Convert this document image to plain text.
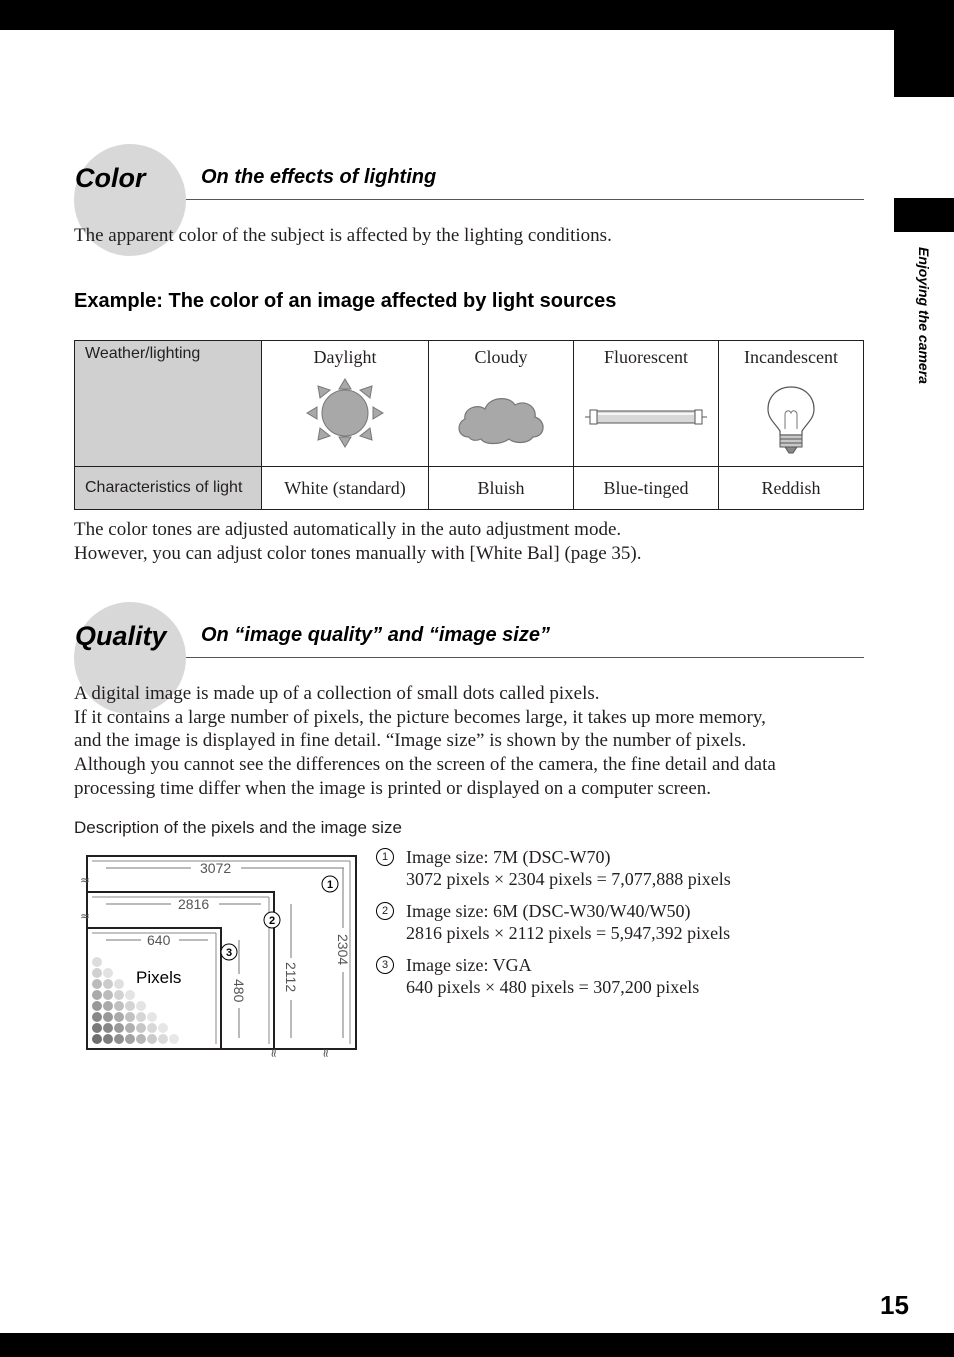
Enjoying the camera
Color	On the effects of lighting
The apparent color of the subject is affected by the lighting conditions.
Example: The color of an image affected by light sources
Weather/lighting	Daylight	Cloudy	Fluorescent	Incandescent

Characteristics of light	White (standard)	Bluish	Blue-tinged	Reddish
The color tones are adjusted automatically in the auto adjustment mode.
However, you can adjust color tones manually with [White Bal] (page 35).
Quality On “image quality” and “image size”
A digital image is made up of a collection of small dots called pixels.
If it contains a large number of pixels, the picture becomes large, it takes up more memory,
and the image is displayed in fine detail. “Image size” is shown by the number of pixels.
Although you cannot see the differences on the screen of the camera, the fine detail and data
processing time differ when the image is printed or displayed on a computer screen.
Description of the pixels and the image size
≈
≈
≈	≈
3072
2816
640	2304
2112
480
1
2
3
Pixels
1 Image size: 7M (DSC-W70)
3072 pixels × 2304 pixels = 7,077,888 pixels
2 Image size: 6M (DSC-W30/W40/W50)
2816 pixels × 2112 pixels = 5,947,392 pixels
3 Image size: VGA
640 pixels × 480 pixels = 307,200 pixels
15
